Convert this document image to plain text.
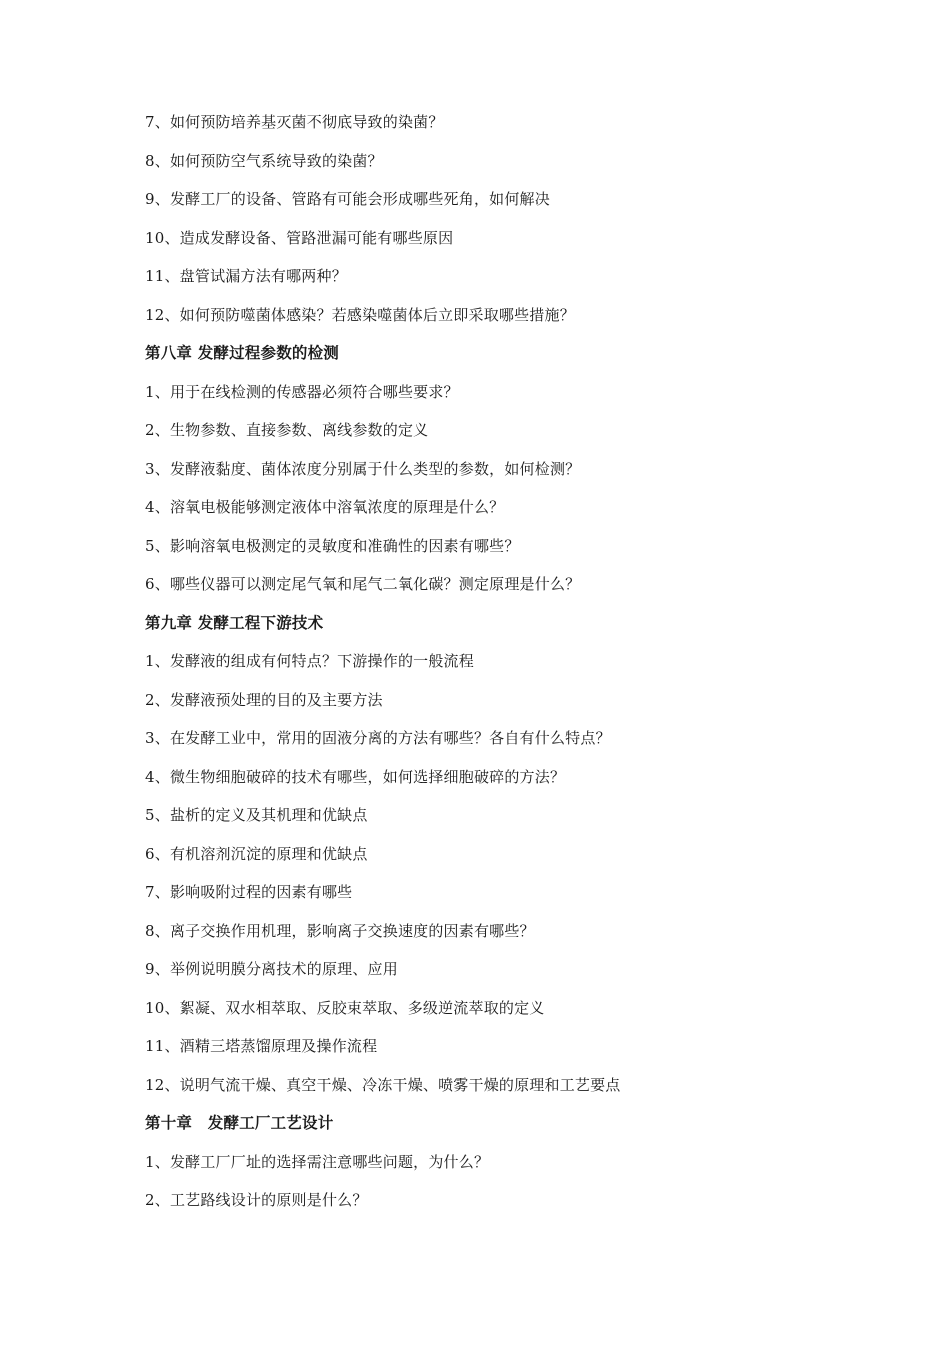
7、如何预防培养基灭菌不彻底导致的染菌？
8、如何预防空气系统导致的染菌？
9、发酵工厂的设备、管路有可能会形成哪些死角，如何解决
10、造成发酵设备、管路泄漏可能有哪些原因
11、盘管试漏方法有哪两种？
12、如何预防噬菌体感染？若感染噬菌体后立即采取哪些措施？
第八章 发酵过程参数的检测
1、用于在线检测的传感器必须符合哪些要求？
2、生物参数、直接参数、离线参数的定义
3、发酵液黏度、菌体浓度分别属于什么类型的参数，如何检测？
4、溶氧电极能够测定液体中溶氧浓度的原理是什么？
5、影响溶氧电极测定的灵敏度和准确性的因素有哪些？
6、哪些仪器可以测定尾气氧和尾气二氧化碳？测定原理是什么？
第九章 发酵工程下游技术
1、发酵液的组成有何特点？下游操作的一般流程
2、发酵液预处理的目的及主要方法
3、在发酵工业中，常用的固液分离的方法有哪些？各自有什么特点？
4、微生物细胞破碎的技术有哪些，如何选择细胞破碎的方法？
5、盐析的定义及其机理和优缺点
6、有机溶剂沉淀的原理和优缺点
7、影响吸附过程的因素有哪些
8、离子交换作用机理，影响离子交换速度的因素有哪些？
9、举例说明膜分离技术的原理、应用
10、絮凝、双水相萃取、反胶束萃取、多级逆流萃取的定义
11、酒精三塔蒸馏原理及操作流程
12、说明气流干燥、真空干燥、冷冻干燥、喷雾干燥的原理和工艺要点
第十章　发酵工厂工艺设计
1、发酵工厂厂址的选择需注意哪些问题，为什么？
2、工艺路线设计的原则是什么？
